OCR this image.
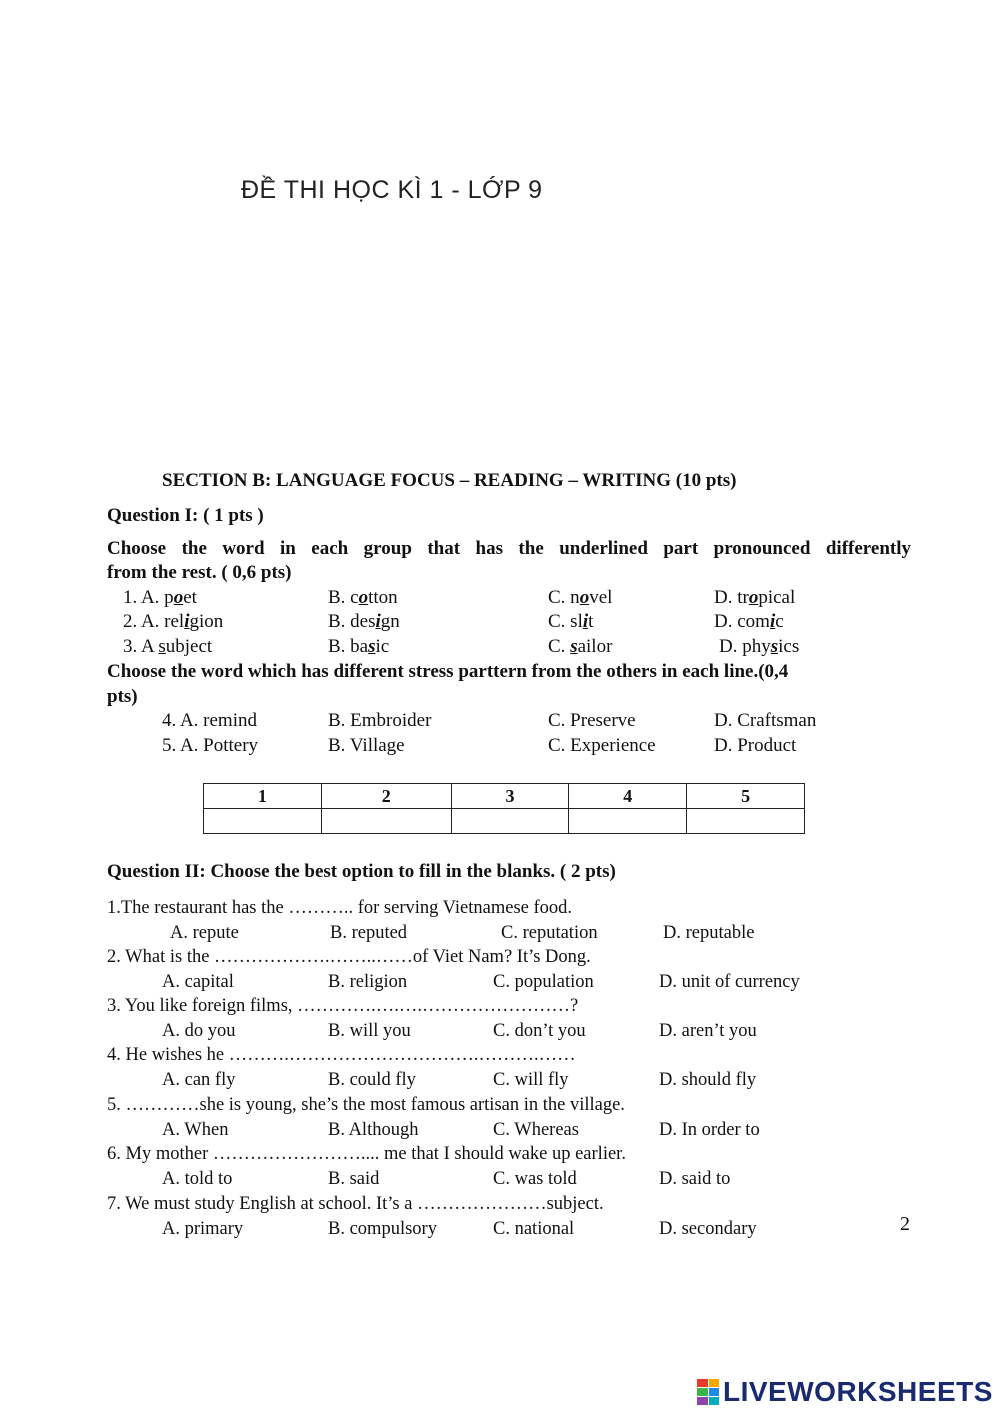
ĐỀ THI HỌC KÌ 1 - LỚP 9
SECTION B: LANGUAGE FOCUS – READING – WRITING (10 pts)
Question I: ( 1 pts )
Choose the word in each group that has the underlined part pronounced differently
from the rest. ( 0,6 pts)
1. A. poet	B. cotton	C. novel	D. tropical
2. A. religion	B. design	C. slit	D. comic
3. A subject	B. basic	C. sailor	D. physics
Choose the word which has different stress parttern from the others in each line.(0,4
pts)
4. A. remind	B. Embroider	C. Preserve	D. Craftsman
5. A. Pottery	B. Village	C. Experience	D. Product
1	2	3	4	5

Question II: Choose the best option to fill in the blanks. ( 2 pts)
1.The restaurant has the ……….. for serving Vietnamese food.
A. repute	B. reputed	C. reputation	D. reputable
2. What is the ……………….……..……of Viet Nam? It’s Dong.
A. capital	B. religion	C. population	D. unit of currency
3. You like foreign films, ………….….….……………………?
A. do you	B. will you	C. don’t you	D. aren’t you
4. He wishes he ……….………………………….……….……
A. can fly	B. could fly	C. will fly	D. should fly
5. …………she is young, she’s the most famous artisan in the village.
A. When	B. Although	C. Whereas	D. In order to
6. My mother …………………….... me that I should wake up earlier.
A. told to	B. said	C. was told	D. said to
7. We must study English at school. It’s a …………………subject.
A. primary	B. compulsory	C. national	D. secondary	2
LIVEWORKSHEETS
